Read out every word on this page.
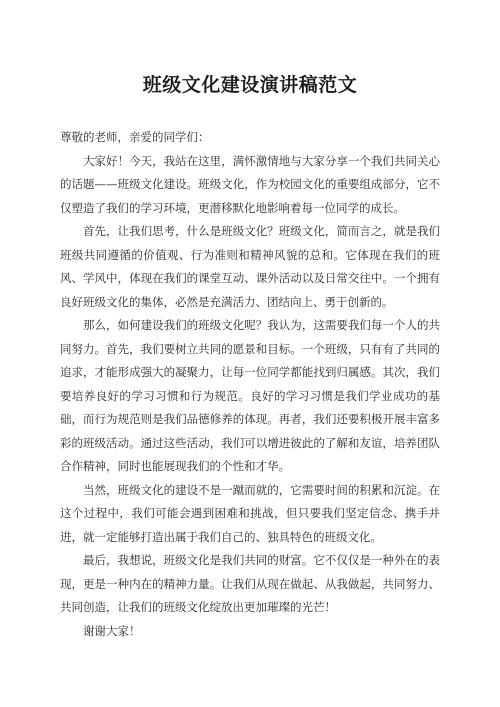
班级文化建设演讲稿范文

尊敬的老师，亲爱的同学们：

大家好！今天，我站在这里，满怀激情地与大家分享一个我们共同关心的话题——班级文化建设。班级文化，作为校园文化的重要组成部分，它不仅塑造了我们的学习环境，更潜移默化地影响着每一位同学的成长。

首先，让我们思考，什么是班级文化？班级文化，简而言之，就是我们班级共同遵循的价值观、行为准则和精神风貌的总和。它体现在我们的班风、学风中，体现在我们的课堂互动、课外活动以及日常交往中。一个拥有良好班级文化的集体，必然是充满活力、团结向上、勇于创新的。

那么，如何建设我们的班级文化呢？我认为，这需要我们每一个人的共同努力。首先，我们要树立共同的愿景和目标。一个班级，只有有了共同的追求，才能形成强大的凝聚力，让每一位同学都能找到归属感。其次，我们要培养良好的学习习惯和行为规范。良好的学习习惯是我们学业成功的基础，而行为规范则是我们品德修养的体现。再者，我们还要积极开展丰富多彩的班级活动。通过这些活动，我们可以增进彼此的了解和友谊，培养团队合作精神，同时也能展现我们的个性和才华。

当然，班级文化的建设不是一蹴而就的，它需要时间的积累和沉淀。在这个过程中，我们可能会遇到困难和挑战，但只要我们坚定信念、携手并进，就一定能够打造出属于我们自己的、独具特色的班级文化。

最后，我想说，班级文化是我们共同的财富。它不仅仅是一种外在的表现，更是一种内在的精神力量。让我们从现在做起、从我做起，共同努力、共同创造，让我们的班级文化绽放出更加璀璨的光芒！

谢谢大家！
